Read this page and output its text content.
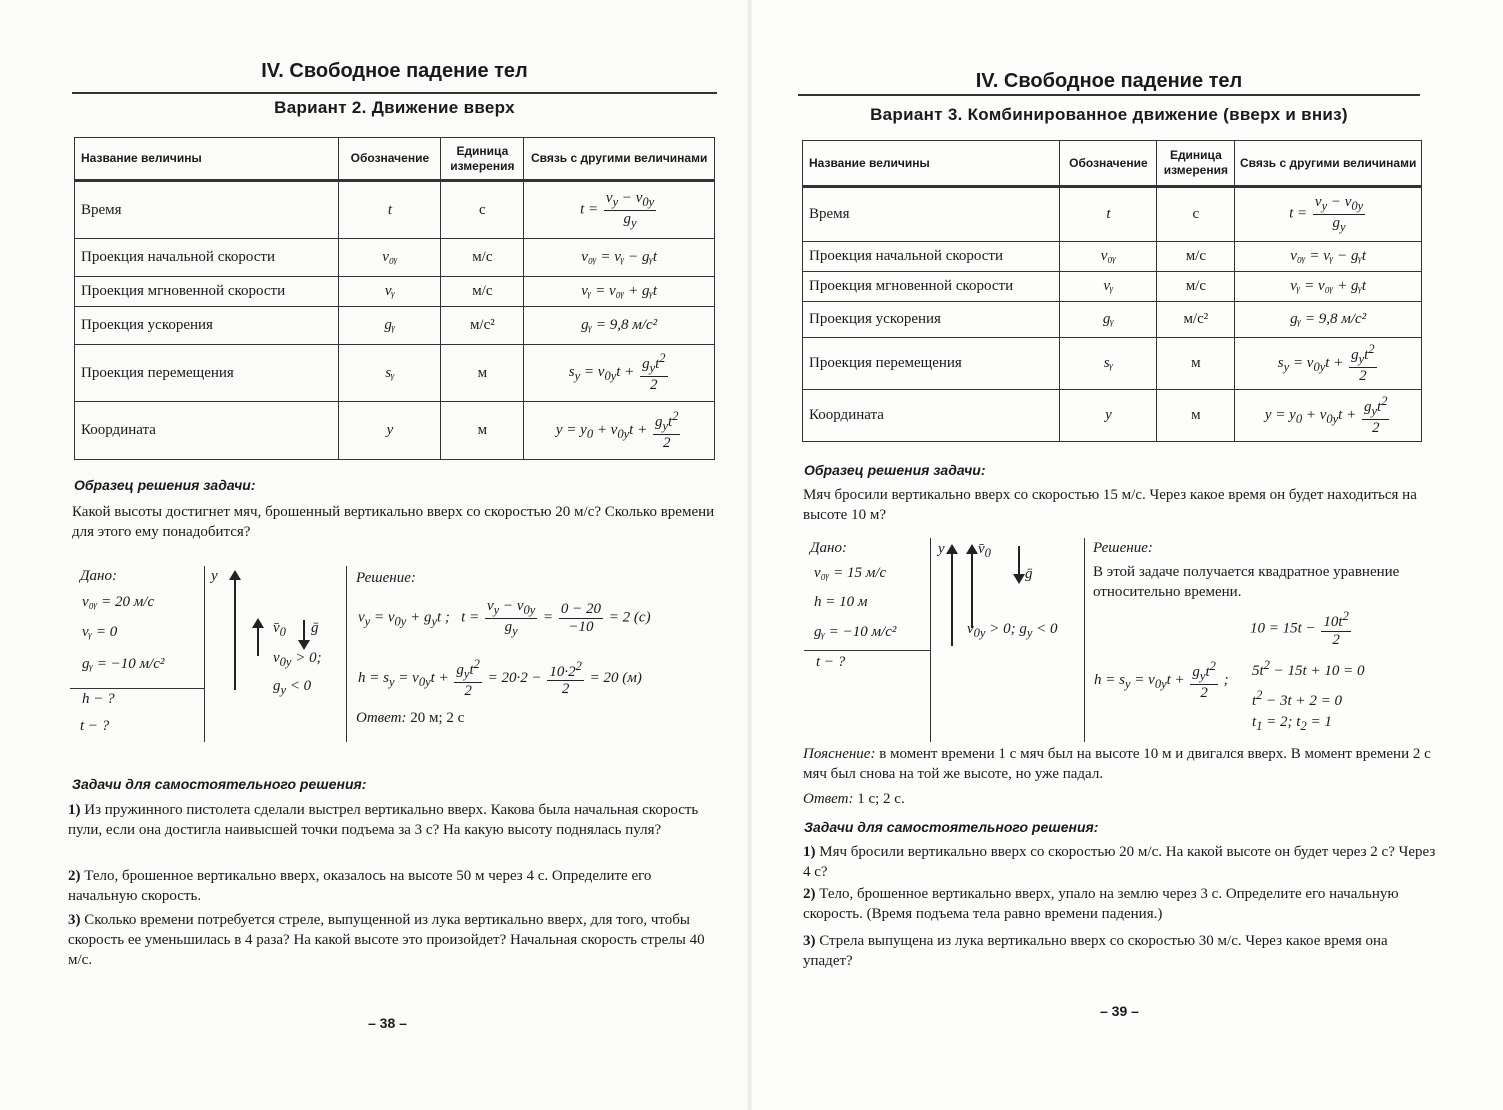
IV. Свободное падение тел
Вариант 2. Движение вверх
Название величины	Обозначение	Единица измерения	Связь с другими величинами
Время	t	с	$t = \frac{v_y - v_{0y}}{g_y}$

Проекция начальной скорости	v₀ᵧ	м/с	v₀ᵧ = vᵧ − gᵧt
Проекция мгновенной скорости	vᵧ	м/с	vᵧ = v₀ᵧ + gᵧt
Проекция ускорения	gᵧ	м/с²	gᵧ = 9,8 м/с²
Проекция перемещения	sᵧ	м	$s_y = v_{0y}t + \frac{g_yt^2}{2}$

Координата	y	м	$y = y_0 + v_{0y}t + \frac{g_yt^2}{2}$
Образец решения задачи:
Какой высоты достигнет мяч, брошенный вертикально вверх со скоростью 20 м/с? Сколько времени для этого ему понадобится?
Дано:
v₀ᵧ = 20 м/с
vᵧ = 0
gᵧ = −10 м/с²
h − ?
t − ?
y
$v̄_0$ ḡ
$v_{0y} > 0$;
$g_y < 0$
Решение:
$v_y = v_{0y} + g_yt$ ;   $t = \frac{v_y - v_{0y}}{g_y} = \frac{0 - 20}{-10} = 2$ (с)
$h = s_y = v_{0y}t + \frac{g_yt^2}{2} = 20\cdot 2 - \frac{10\cdot 2^2}{2} = 20$ (м)
Ответ: 20 м; 2 с
Задачи для самостоятельного решения:
1) Из пружинного пистолета сделали выстрел вертикально вверх. Какова была начальная скорость пули, если она достигла наивысшей точки подъема за 3 с? На какую высоту поднялась пуля?
2) Тело, брошенное вертикально вверх, оказалось на высоте 50 м через 4 с. Определите его начальную скорость.
3) Сколько времени потребуется стреле, выпущенной из лука вертикально вверх, для того, чтобы скорость ее уменьшилась в 4 раза? На какой высоте это произойдет? Начальная скорость стрелы 40 м/с.
– 38 –
IV. Свободное падение тел
Вариант 3. Комбинированное движение (вверх и вниз)
Название величины	Обозначение	Единица измерения	Связь с другими величинами
Время	t	с	$t = \frac{v_y - v_{0y}}{g_y}$

Проекция начальной скорости	v₀ᵧ	м/с	v₀ᵧ = vᵧ − gᵧt
Проекция мгновенной скорости	vᵧ	м/с	vᵧ = v₀ᵧ + gᵧt
Проекция ускорения	gᵧ	м/с²	gᵧ = 9,8 м/с²
Проекция перемещения	sᵧ	м	$s_y = v_{0y}t + \frac{g_yt^2}{2}$

Координата	y	м	$y = y_0 + v_{0y}t + \frac{g_yt^2}{2}$
Образец решения задачи:
Мяч бросили вертикально вверх со скоростью 15 м/с. Через какое время он будет находиться на высоте 10 м?
Дано:
v₀ᵧ = 15 м/с
h = 10 м
gᵧ = −10 м/с²
t − ?
y $v̄_0$
ḡ
$v_{0y} > 0$; $g_y < 0$
Решение:
В этой задаче получается квадратное уравнение относительно времени.
$h = s_y = v_{0y}t + \frac{g_yt^2}{2}$ ;
$10 = 15t - \frac{10t^2}{2}$
$5t^2 - 15t + 10 = 0$
$t^2 - 3t + 2 = 0$
$t_1 = 2$; $t_2 = 1$
Пояснение: в момент времени 1 с мяч был на высоте 10 м и двигался вверх. В момент времени 2 с мяч был снова на той же высоте, но уже падал.
Ответ: 1 с; 2 с.
Задачи для самостоятельного решения:
1) Мяч бросили вертикально вверх со скоростью 20 м/с. На какой высоте он будет через 2 с? Через 4 с?
2) Тело, брошенное вертикально вверх, упало на землю через 3 с. Определите его начальную скорость. (Время подъема тела равно времени падения.)
3) Стрела выпущена из лука вертикально вверх со скоростью 30 м/с. Через какое время она упадет?
– 39 –
